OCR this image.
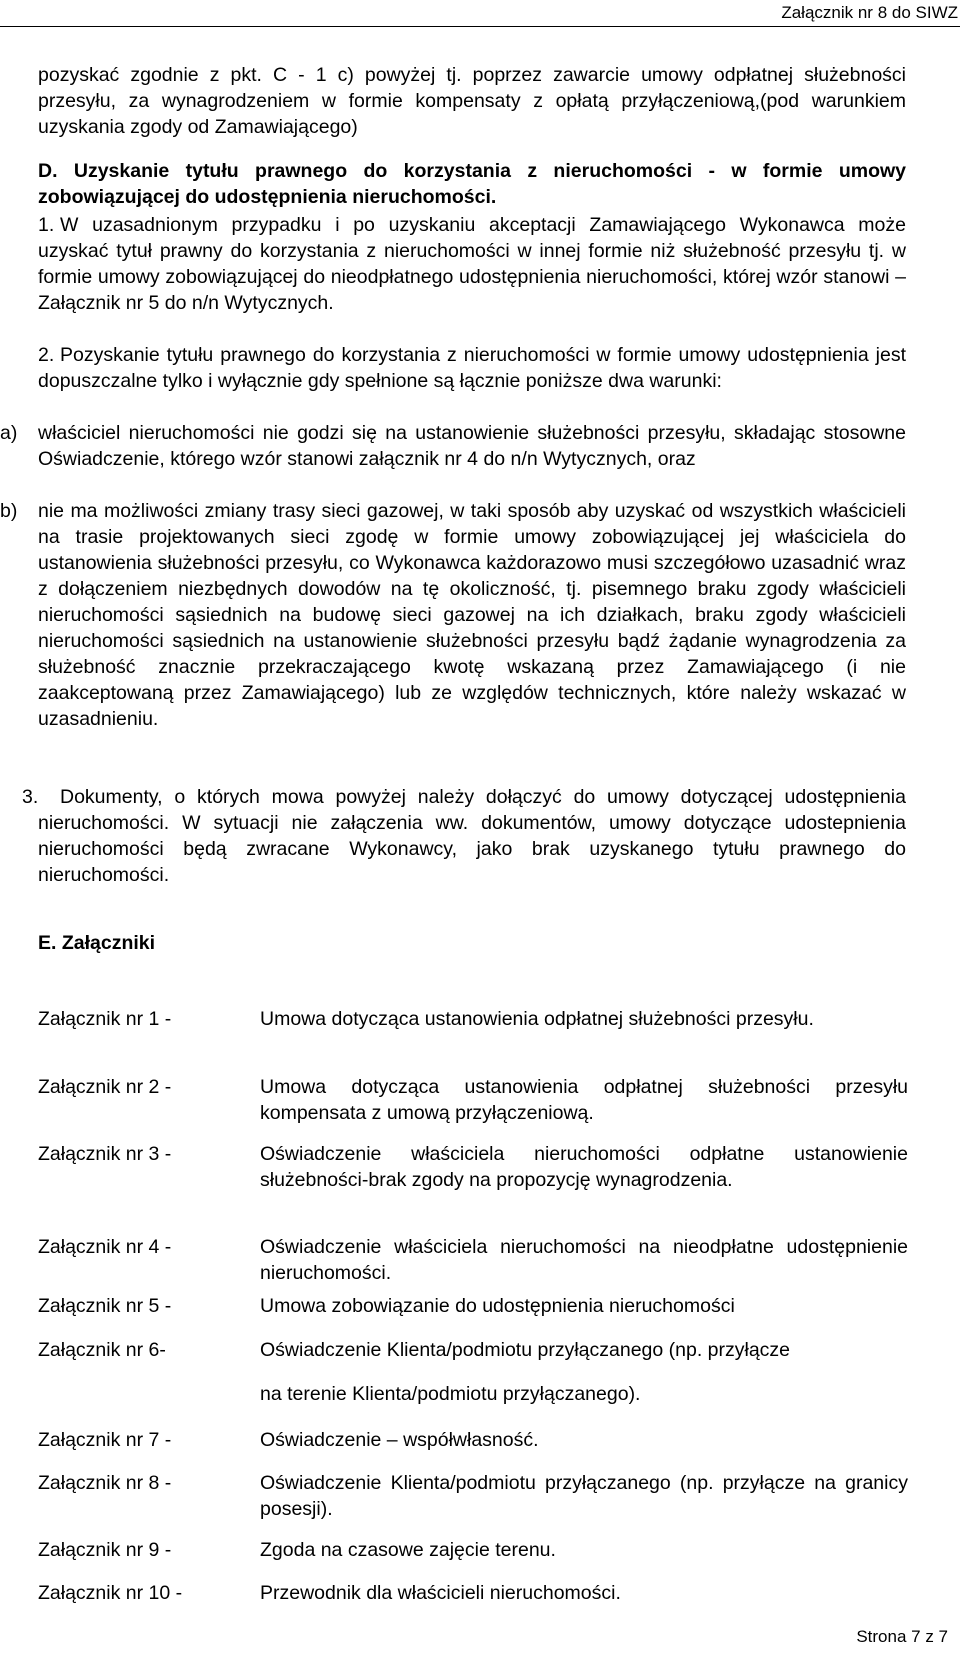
Załącznik nr 8 do SIWZ

pozyskać zgodnie z pkt. C - 1 c) powyżej tj. poprzez zawarcie umowy odpłatnej służebności przesyłu, za wynagrodzeniem w formie kompensaty z opłatą przyłączeniową,(pod warunkiem uzyskania zgody od Zamawiającego)

D. Uzyskanie tytułu prawnego do korzystania z nieruchomości - w formie umowy zobowiązującej do udostępnienia nieruchomości.
1. W uzasadnionym przypadku i po uzyskaniu akceptacji Zamawiającego Wykonawca może uzyskać tytuł prawny do korzystania z nieruchomości w innej formie niż służebność przesyłu tj. w formie umowy zobowiązującej do nieodpłatnego udostępnienia nieruchomości, której wzór stanowi – Załącznik nr 5 do n/n Wytycznych.
2. Pozyskanie tytułu prawnego do korzystania z nieruchomości w formie umowy udostępnienia jest dopuszczalne tylko i wyłącznie gdy spełnione są łącznie poniższe dwa warunki:
a)	właściciel nieruchomości nie godzi się na ustanowienie służebności przesyłu, składając stosowne Oświadczenie, którego wzór stanowi załącznik nr 4 do n/n Wytycznych, oraz
b)	nie ma możliwości zmiany trasy sieci gazowej, w taki sposób aby uzyskać od wszystkich właścicieli na trasie projektowanych sieci zgodę w formie umowy zobowiązującej jej właściciela do ustanowienia służebności przesyłu, co Wykonawca każdorazowo musi szczegółowo uzasadnić wraz z dołączeniem niezbędnych dowodów na tę okoliczność, tj. pisemnego braku zgody właścicieli nieruchomości sąsiednich na budowę sieci gazowej na ich działkach, braku zgody właścicieli nieruchomości sąsiednich na ustanowienie służebności przesyłu bądź żądanie wynagrodzenia za służebność znacznie przekraczającego kwotę wskazaną przez Zamawiającego (i nie zaakceptowaną przez Zamawiającego) lub ze względów technicznych, które należy wskazać w uzasadnieniu.
3.	Dokumenty, o których mowa powyżej należy dołączyć do umowy dotyczącej udostępnienia nieruchomości. W sytuacji nie załączenia ww. dokumentów, umowy dotyczące udostepnienia nieruchomości będą zwracane Wykonawcy, jako brak uzyskanego tytułu prawnego do nieruchomości.
E. Załączniki
Załącznik nr 1 -	Umowa dotycząca ustanowienia odpłatnej służebności przesyłu.
Załącznik nr 2 -	Umowa dotycząca ustanowienia odpłatnej służebności przesyłu kompensata z umową przyłączeniową.
Załącznik nr 3 -	Oświadczenie właściciela nieruchomości odpłatne ustanowienie służebności-brak zgody na propozycję wynagrodzenia.
Załącznik nr 4 -	Oświadczenie właściciela nieruchomości na nieodpłatne udostępnienie nieruchomości.
Załącznik nr 5 -	Umowa zobowiązanie do udostępnienia nieruchomości
Załącznik nr 6-	Oświadczenie Klienta/podmiotu przyłączanego (np. przyłącze
na terenie Klienta/podmiotu przyłączanego).
Załącznik nr 7 -	Oświadczenie – współwłasność.
Załącznik nr 8 -	Oświadczenie Klienta/podmiotu przyłączanego (np. przyłącze na granicy posesji).
Załącznik nr 9 -	Zgoda na czasowe zajęcie terenu.
Załącznik nr 10 -	Przewodnik dla właścicieli nieruchomości.
Strona 7 z 7
